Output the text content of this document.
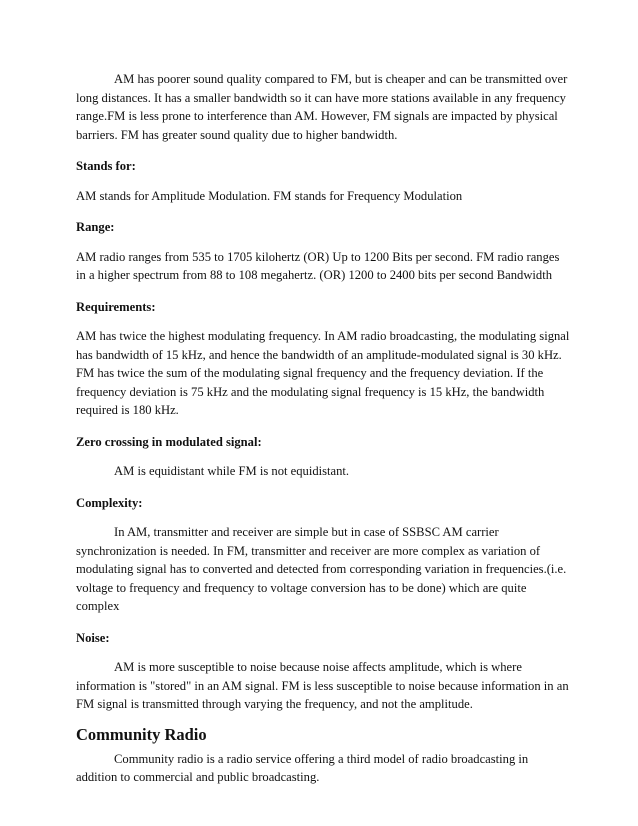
AM has poorer sound quality compared to FM, but is cheaper and can be transmitted over long distances. It has a smaller bandwidth so it can have more stations available in any frequency range.FM is less prone to interference than AM. However, FM signals are impacted by physical barriers. FM has greater sound quality due to higher bandwidth.

Stands for:

AM stands for Amplitude Modulation. FM stands for Frequency Modulation

Range:

AM radio ranges from 535 to 1705 kilohertz (OR) Up to 1200 Bits per second. FM radio ranges in a higher spectrum from 88 to 108 megahertz. (OR) 1200 to 2400 bits per second Bandwidth

Requirements:

AM has twice the highest modulating frequency. In AM radio broadcasting, the modulating signal has bandwidth of 15 kHz, and hence the bandwidth of an amplitude-modulated signal is 30 kHz. FM has twice the sum of the modulating signal frequency and the frequency deviation. If the frequency deviation is 75 kHz and the modulating signal frequency is 15 kHz, the bandwidth required is 180 kHz.

Zero crossing in modulated signal:

AM is equidistant while FM is not equidistant.

Complexity:

In AM, transmitter and receiver are simple but in case of SSBSC AM carrier synchronization is needed. In FM, transmitter and receiver are more complex as variation of modulating signal has to converted and detected from corresponding variation in frequencies.(i.e. voltage to frequency and frequency to voltage conversion has to be done) which are quite complex

Noise:

AM is more susceptible to noise because noise affects amplitude, which is where information is "stored" in an AM signal. FM is less susceptible to noise because information in an FM signal is transmitted through varying the frequency, and not the amplitude.

Community Radio

Community radio is a radio service offering a third model of radio broadcasting in addition to commercial and public broadcasting.
